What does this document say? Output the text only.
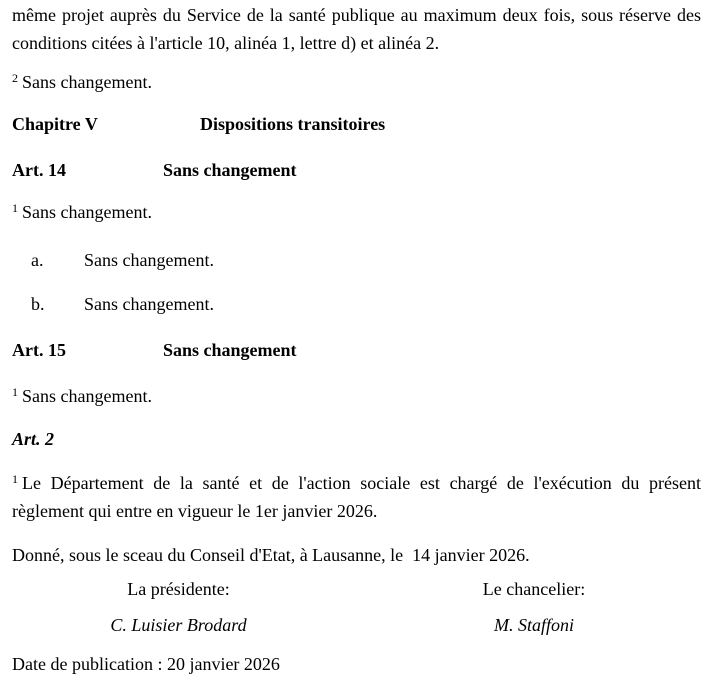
même projet auprès du Service de la santé publique au maximum deux fois, sous réserve des conditions citées à l'article 10, alinéa 1, lettre d) et alinéa 2.

$^2$ Sans changement.

Chapitre V	Dispositions transitoires
Art. 14	Sans changement

$^1$ Sans changement.

a.	Sans changement.
b.	Sans changement.
Art. 15	Sans changement

$^1$ Sans changement.

Art. 2

$^1$ Le Département de la santé et de l'action sociale est chargé de l'exécution du présent règlement qui entre en vigueur le 1er janvier 2026.

Donné, sous le sceau du Conseil d'Etat, à Lausanne, le  14 janvier 2026.

La présidente:	Le chancelier:
C. Luisier Brodard	M. Staffoni

Date de publication : 20 janvier 2026
